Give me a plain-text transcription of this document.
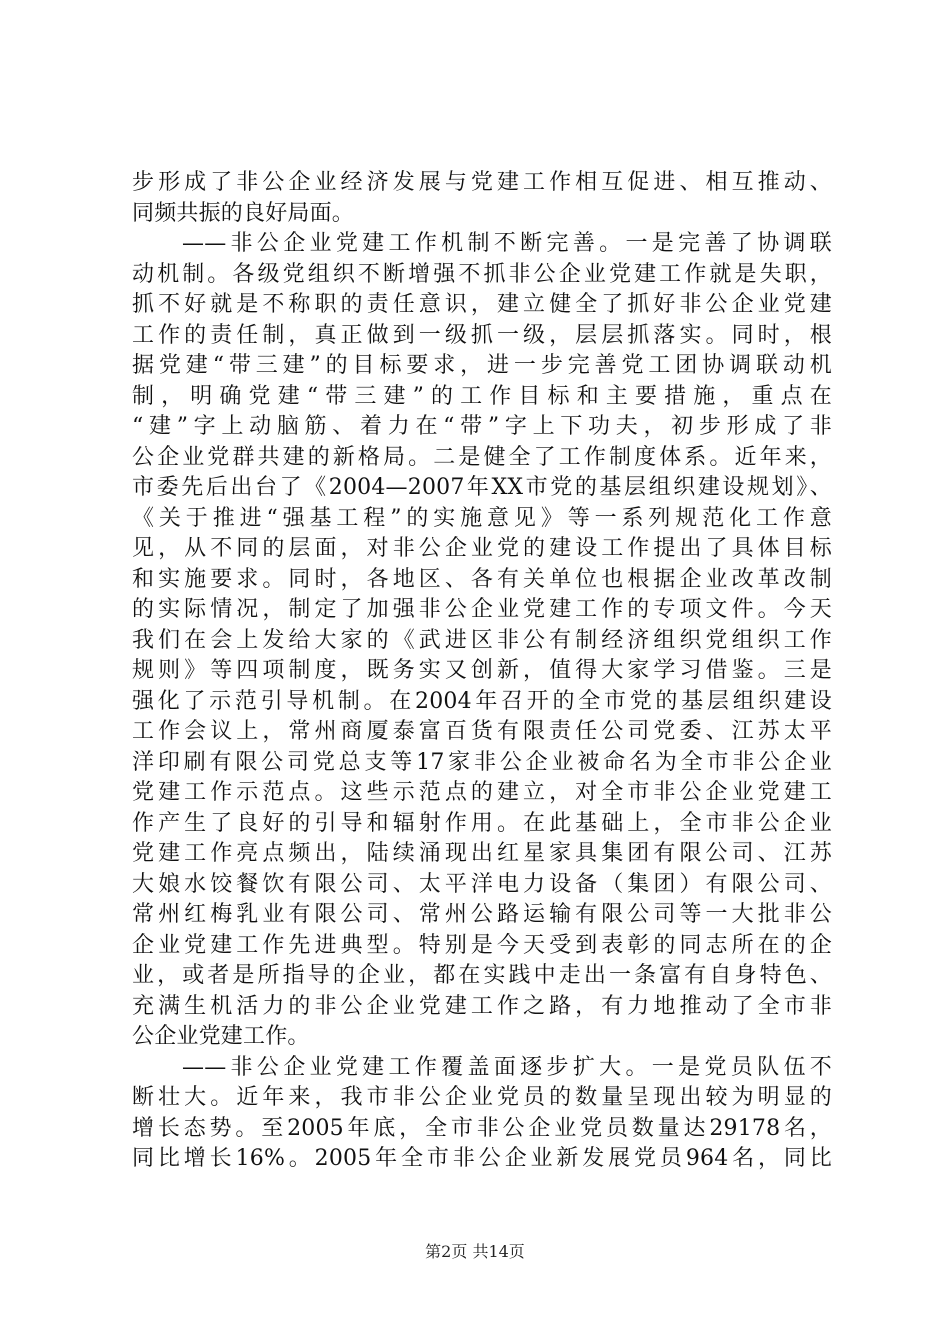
步形成了非公企业经济发展与党建工作相互促进、相互推动、
同频共振的良好局面。
——非公企业党建工作机制不断完善。一是完善了协调联
动机制。各级党组织不断增强不抓非公企业党建工作就是失职，
抓不好就是不称职的责任意识，建立健全了抓好非公企业党建
工作的责任制，真正做到一级抓一级，层层抓落实。同时，根
据党建“带三建”的目标要求，进一步完善党工团协调联动机
制，明确党建“带三建”的工作目标和主要措施，重点在
“建”字上动脑筋、着力在“带”字上下功夫，初步形成了非
公企业党群共建的新格局。二是健全了工作制度体系。近年来，
市委先后出台了《2004—2007年XX市党的基层组织建设规划》、
《关于推进“强基工程”的实施意见》等一系列规范化工作意
见，从不同的层面，对非公企业党的建设工作提出了具体目标
和实施要求。同时，各地区、各有关单位也根据企业改革改制
的实际情况，制定了加强非公企业党建工作的专项文件。今天
我们在会上发给大家的《武进区非公有制经济组织党组织工作
规则》等四项制度，既务实又创新，值得大家学习借鉴。三是
强化了示范引导机制。在2004年召开的全市党的基层组织建设
工作会议上，常州商厦泰富百货有限责任公司党委、江苏太平
洋印刷有限公司党总支等17家非公企业被命名为全市非公企业
党建工作示范点。这些示范点的建立，对全市非公企业党建工
作产生了良好的引导和辐射作用。在此基础上，全市非公企业
党建工作亮点频出，陆续涌现出红星家具集团有限公司、江苏
大娘水饺餐饮有限公司、太平洋电力设备（集团）有限公司、
常州红梅乳业有限公司、常州公路运输有限公司等一大批非公
企业党建工作先进典型。特别是今天受到表彰的同志所在的企
业，或者是所指导的企业，都在实践中走出一条富有自身特色、
充满生机活力的非公企业党建工作之路，有力地推动了全市非
公企业党建工作。
——非公企业党建工作覆盖面逐步扩大。一是党员队伍不
断壮大。近年来，我市非公企业党员的数量呈现出较为明显的
增长态势。至2005年底，全市非公企业党员数量达29178名，
同比增长16%。2005年全市非公企业新发展党员964名，同比
第2页 共14页
